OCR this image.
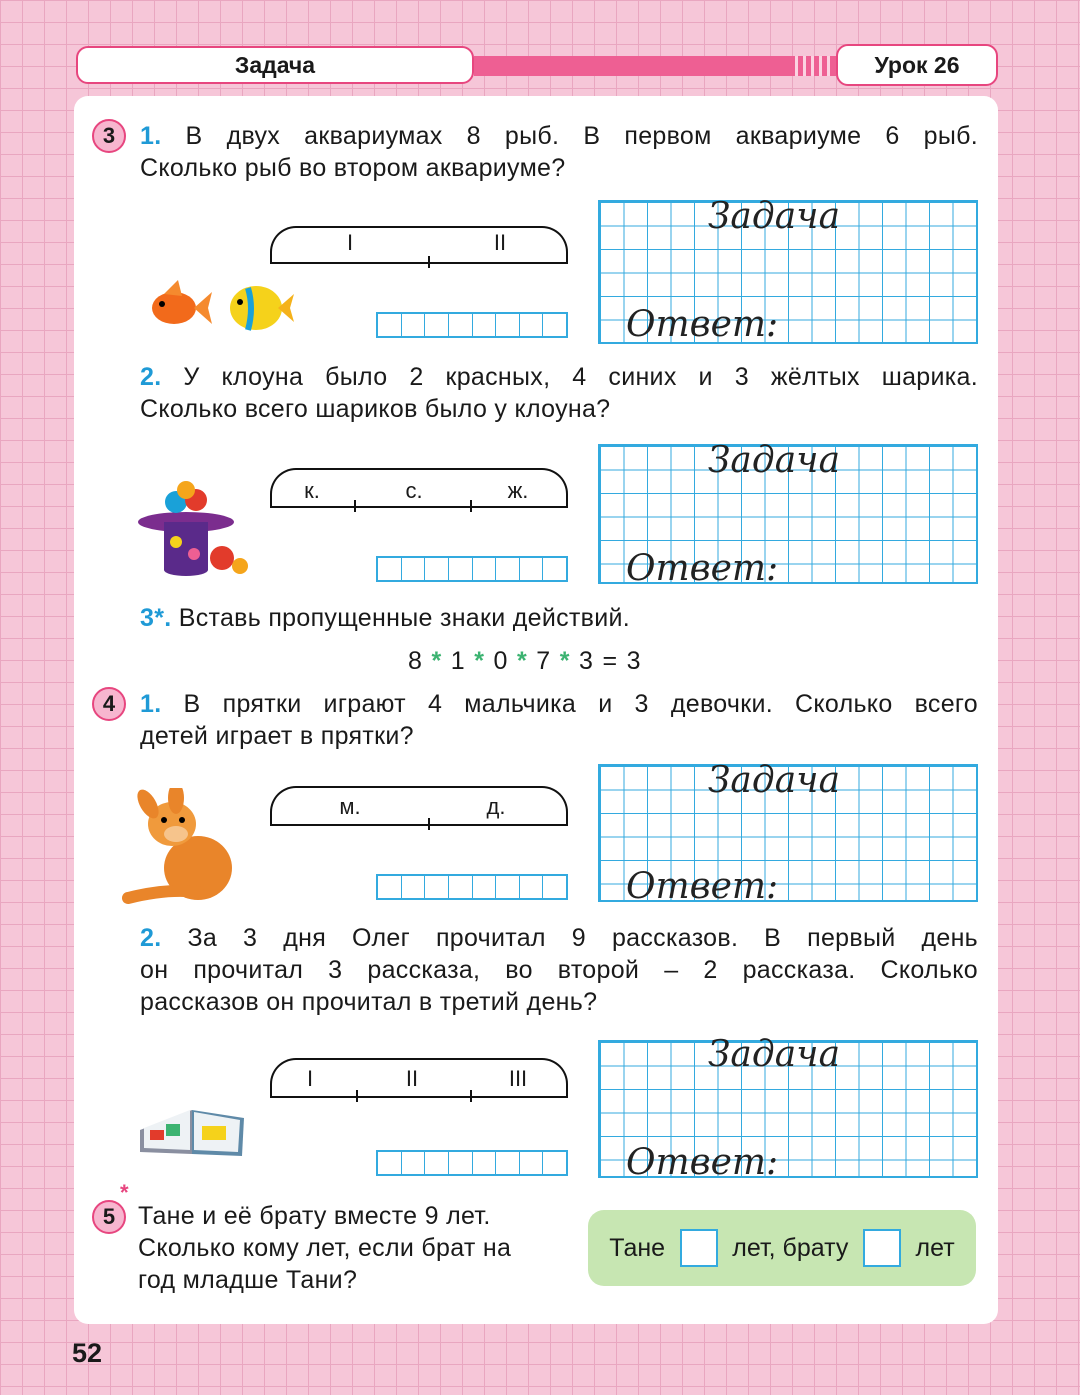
Задача	Урок 26
3 1. В двух аквариумах 8 рыб. В первом аквариуме 6 рыб.
Сколько рыб во втором аквариуме?
I	II
Задача
Ответ:
2. У клоуна было 2 красных, 4 синих и 3 жёлтых шарика.
Сколько всего шариков было у клоуна?
к.	с.	ж.
Задача
Ответ:
3*. Вставь пропущенные знаки действий.
8 * 1 * 0 * 7 * 3 = 3
4 1. В прятки играют 4 мальчика и 3 девочки. Сколько всего
детей играет в прятки?
м.	д.
Задача
Ответ:
2. За 3 дня Олег прочитал 9 рассказов. В первый день
он прочитал 3 рассказа, во второй – 2 рассказа. Сколько
рассказов он прочитал в третий день?
I	II	III
Задача
Ответ:
5
*
Тане и её брату вместе 9 лет.
Сколько кому лет, если брат на
год младше Тани?
Тане	лет, брату	лет
52
